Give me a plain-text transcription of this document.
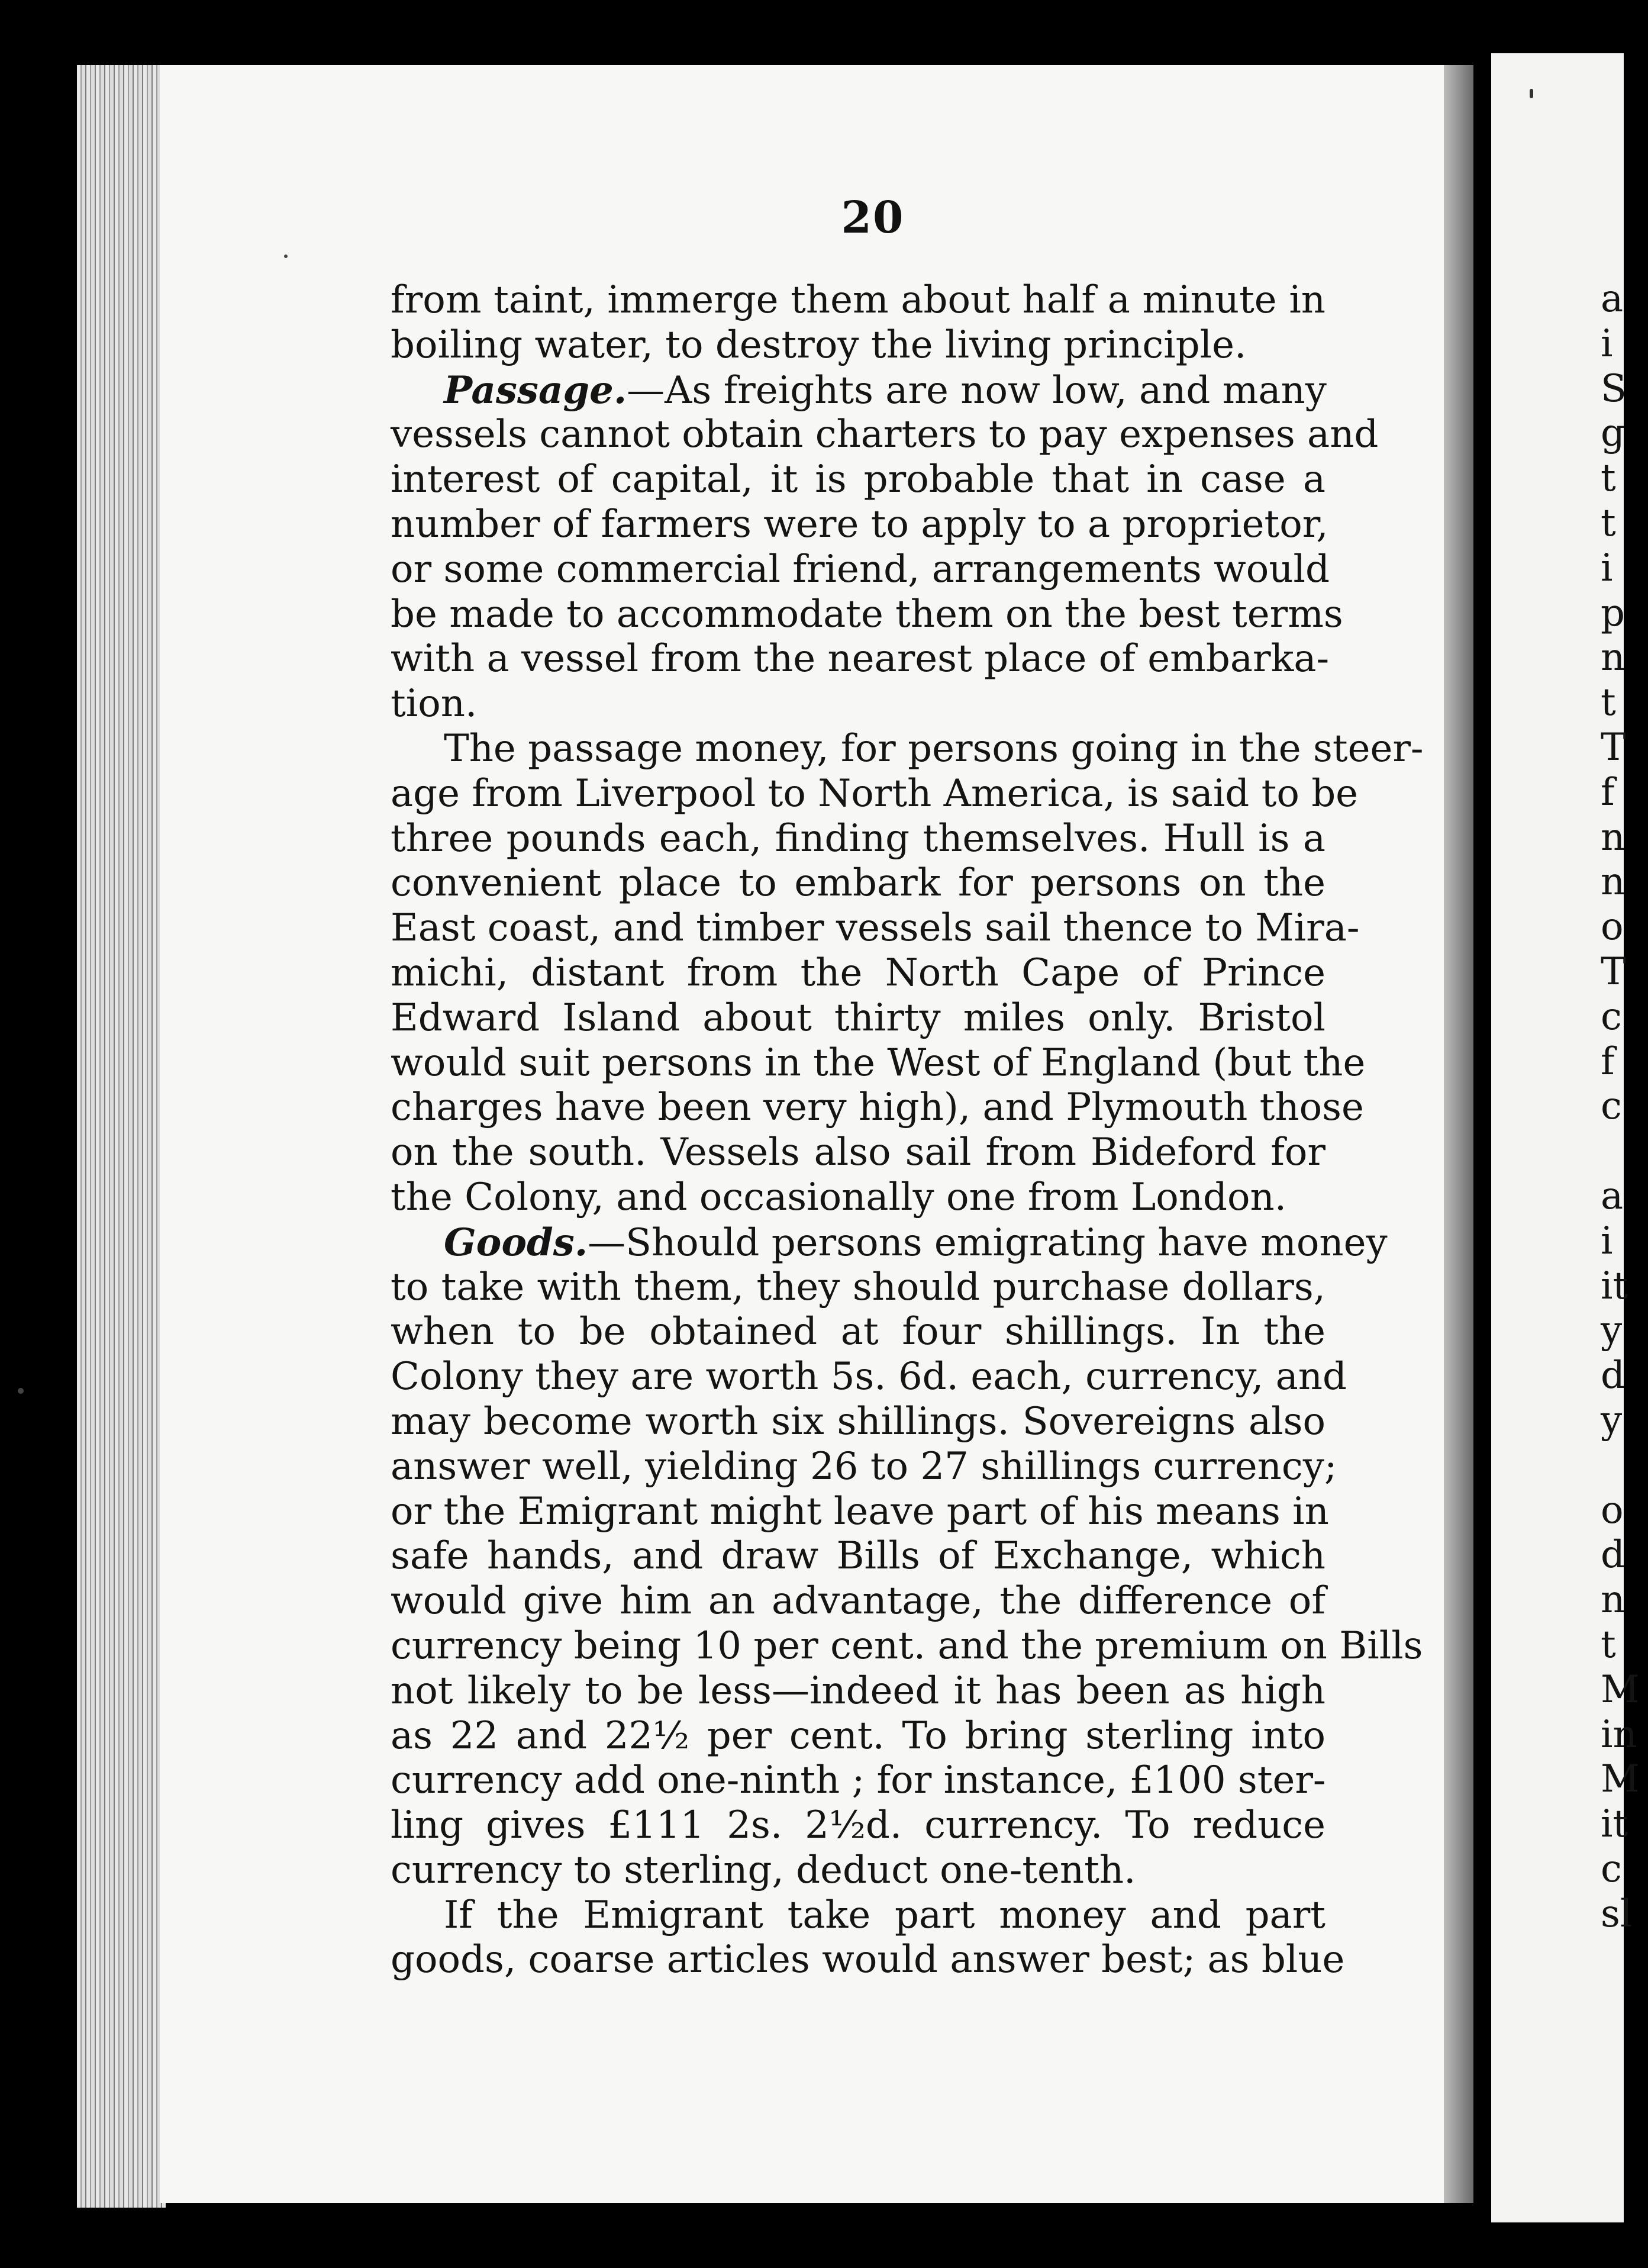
a
i
S
g
t
t
i
p
n
t
T
f
n
n
o
T
c
f
c
a
i
it
y
d
y
o
d
n
t
M
in
M
it
c
sl
20
from taint, immerge them about half a minute in
boiling water, to destroy the living principle.
Passage.—As freights are now low, and many
vessels cannot obtain charters to pay expenses and
interest of capital, it is probable that in case a
number of farmers were to apply to a proprietor,
or some commercial friend, arrangements would
be made to accommodate them on the best terms
with a vessel from the nearest place of embarka-
tion.
The passage money, for persons going in the steer-
age from Liverpool to North America, is said to be
three pounds each, finding themselves. Hull is a
convenient place to embark for persons on the
East coast, and timber vessels sail thence to Mira-
michi, distant from the North Cape of Prince
Edward Island about thirty miles only. Bristol
would suit persons in the West of England (but the
charges have been very high), and Plymouth those
on the south. Vessels also sail from Bideford for
the Colony, and occasionally one from London.
Goods.—Should persons emigrating have money
to take with them, they should purchase dollars,
when to be obtained at four shillings. In the
Colony they are worth 5s. 6d. each, currency, and
may become worth six shillings. Sovereigns also
answer well, yielding 26 to 27 shillings currency;
or the Emigrant might leave part of his means in
safe hands, and draw Bills of Exchange, which
would give him an advantage, the difference of
currency being 10 per cent. and the premium on Bills
not likely to be less—indeed it has been as high
as 22 and 22½ per cent. To bring sterling into
currency add one-ninth ; for instance, £100 ster-
ling gives £111 2s. 2½d. currency. To reduce
currency to sterling, deduct one-tenth.
If the Emigrant take part money and part
goods, coarse articles would answer best; as blue
